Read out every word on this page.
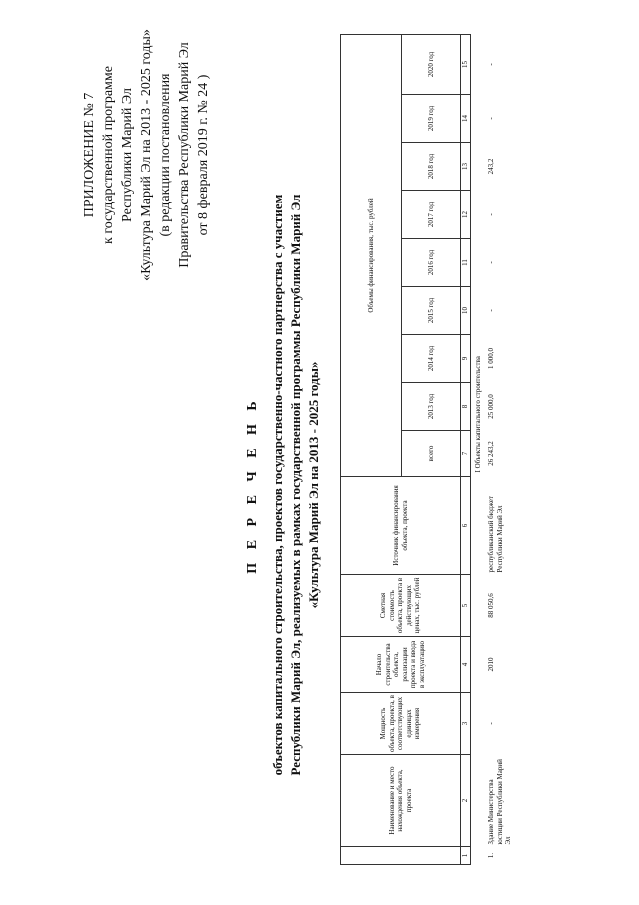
ПРИЛОЖЕНИЕ № 7 к государственной программе Республики Марий Эл «Культура Марий Эл на 2013 - 2025 годы» (в редакции постановления Правительства Республики Марий Эл от 8 февраля 2019 г. № 24 )
П Е Р Е Ч Е Н Ь объектов капитального строительства, проектов государственно-частного партнерства с участием Республики Марий Эл, реализуемых в рамках государственной программы Республики Марий Эл «Культура Марий Эл на 2013 - 2025 годы»
	Наименование и место нахождения объекта, проекта	Мощность объекта, проекта, в соответствующих единицах измерения	Начало строительства объекта, реализации проекта и ввода в эксплуатацию	Сметная стоимость объекта, проекта в действующих ценах, тыс. рублей	Источник финансирования объекта, проекта	Объемы финансирования, тыс. рублей								
						всего	2013 год	2014 год	2015 год	2016 год	2017 год	2018 год	2019 год	2020 год
1	2	3	4	5	6	7	8	9	10	11	12	13	14	15
						I Объекты капитального строительства								
1.	Здание Министерства юстиции Республики Марий Эл	-	2010	88 050,6	республиканский бюджет Республики Марий Эл	26 243,2	25 000,0	1 000,0	-	-	-	243,2	-	-
